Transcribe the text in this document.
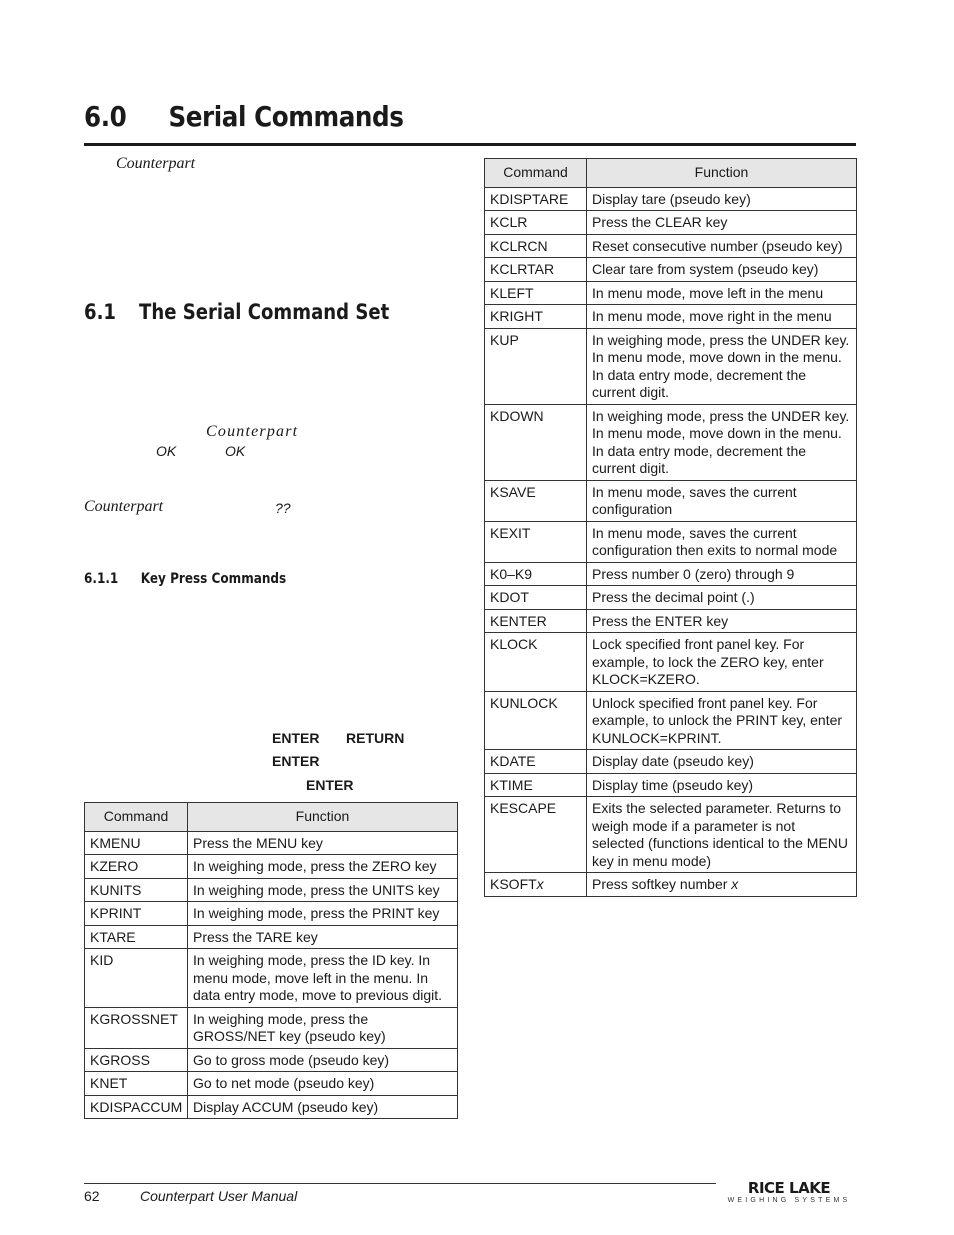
6.0 Serial Commands
Counterpart
6.1 The Serial Command Set
Counterpart
OK	OK
Counterpart	??
6.1.1 Key Press Commands
ENTER RETURN
ENTER
ENTER
Command	Function
KMENU	Press the MENU key
KZERO	In weighing mode, press the ZERO key
KUNITS	In weighing mode, press the UNITS key
KPRINT	In weighing mode, press the PRINT key
KTARE	Press the TARE key
KID	In weighing mode, press the ID key. In menu mode, move left in the menu. In data entry mode, move to previous digit.
KGROSSNET	In weighing mode, press the GROSS/NET key (pseudo key)
KGROSS	Go to gross mode (pseudo key)
KNET	Go to net mode (pseudo key)
KDISPACCUM	Display ACCUM (pseudo key)
Command	Function
KDISPTARE	Display tare (pseudo key)
KCLR	Press the CLEAR key
KCLRCN	Reset consecutive number (pseudo key)
KCLRTAR	Clear tare from system (pseudo key)
KLEFT	In menu mode, move left in the menu
KRIGHT	In menu mode, move right in the menu
KUP	In weighing mode, press the UNDER key. In menu mode, move down in the menu. In data entry mode, decrement the current digit.
KDOWN	In weighing mode, press the UNDER key. In menu mode, move down in the menu. In data entry mode, decrement the current digit.
KSAVE	In menu mode, saves the current configuration
KEXIT	In menu mode, saves the current configuration then exits to normal mode
K0–K9	Press number 0 (zero) through 9
KDOT	Press the decimal point (.)
KENTER	Press the ENTER key
KLOCK	Lock specified front panel key. For example, to lock the ZERO key, enter KLOCK=KZERO.
KUNLOCK	Unlock specified front panel key. For example, to unlock the PRINT key, enter KUNLOCK=KPRINT.
KDATE	Display date (pseudo key)
KTIME	Display time (pseudo key)
KESCAPE	Exits the selected parameter. Returns to weigh mode if a parameter is not selected (functions identical to the MENU key in menu mode)
KSOFTx	Press softkey number x
62	Counterpart User Manual	RICE LAKE
WEIGHING SYSTEMS
